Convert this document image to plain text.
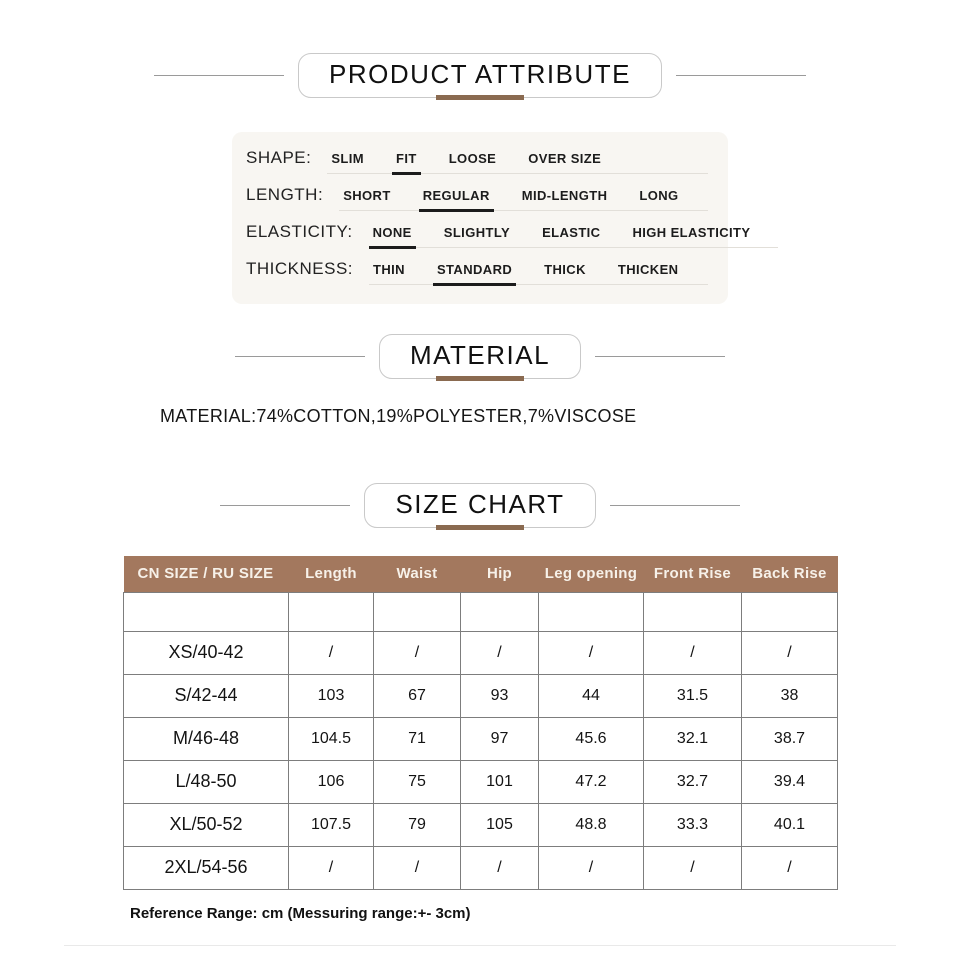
PRODUCT ATTRIBUTE
SHAPE:	SLIM	FIT	LOOSE	OVER SIZE
LENGTH:	SHORT	REGULAR	MID-LENGTH	LONG
ELASTICITY:	NONE	SLIGHTLY	ELASTIC	HIGH ELASTICITY
THICKNESS:	THIN	STANDARD	THICK	THICKEN
MATERIAL
MATERIAL:74%COTTON,19%POLYESTER,7%VISCOSE
SIZE CHART
CN SIZE / RU SIZE	Length	Waist	Hip	Leg opening	Front Rise	Back Rise

XS/40-42	/	/	/	/	/	/
S/42-44	103	67	93	44	31.5	38
M/46-48	104.5	71	97	45.6	32.1	38.7
L/48-50	106	75	101	47.2	32.7	39.4
XL/50-52	107.5	79	105	48.8	33.3	40.1
2XL/54-56	/	/	/	/	/	/
Reference Range: cm (Messuring range:+- 3cm)
